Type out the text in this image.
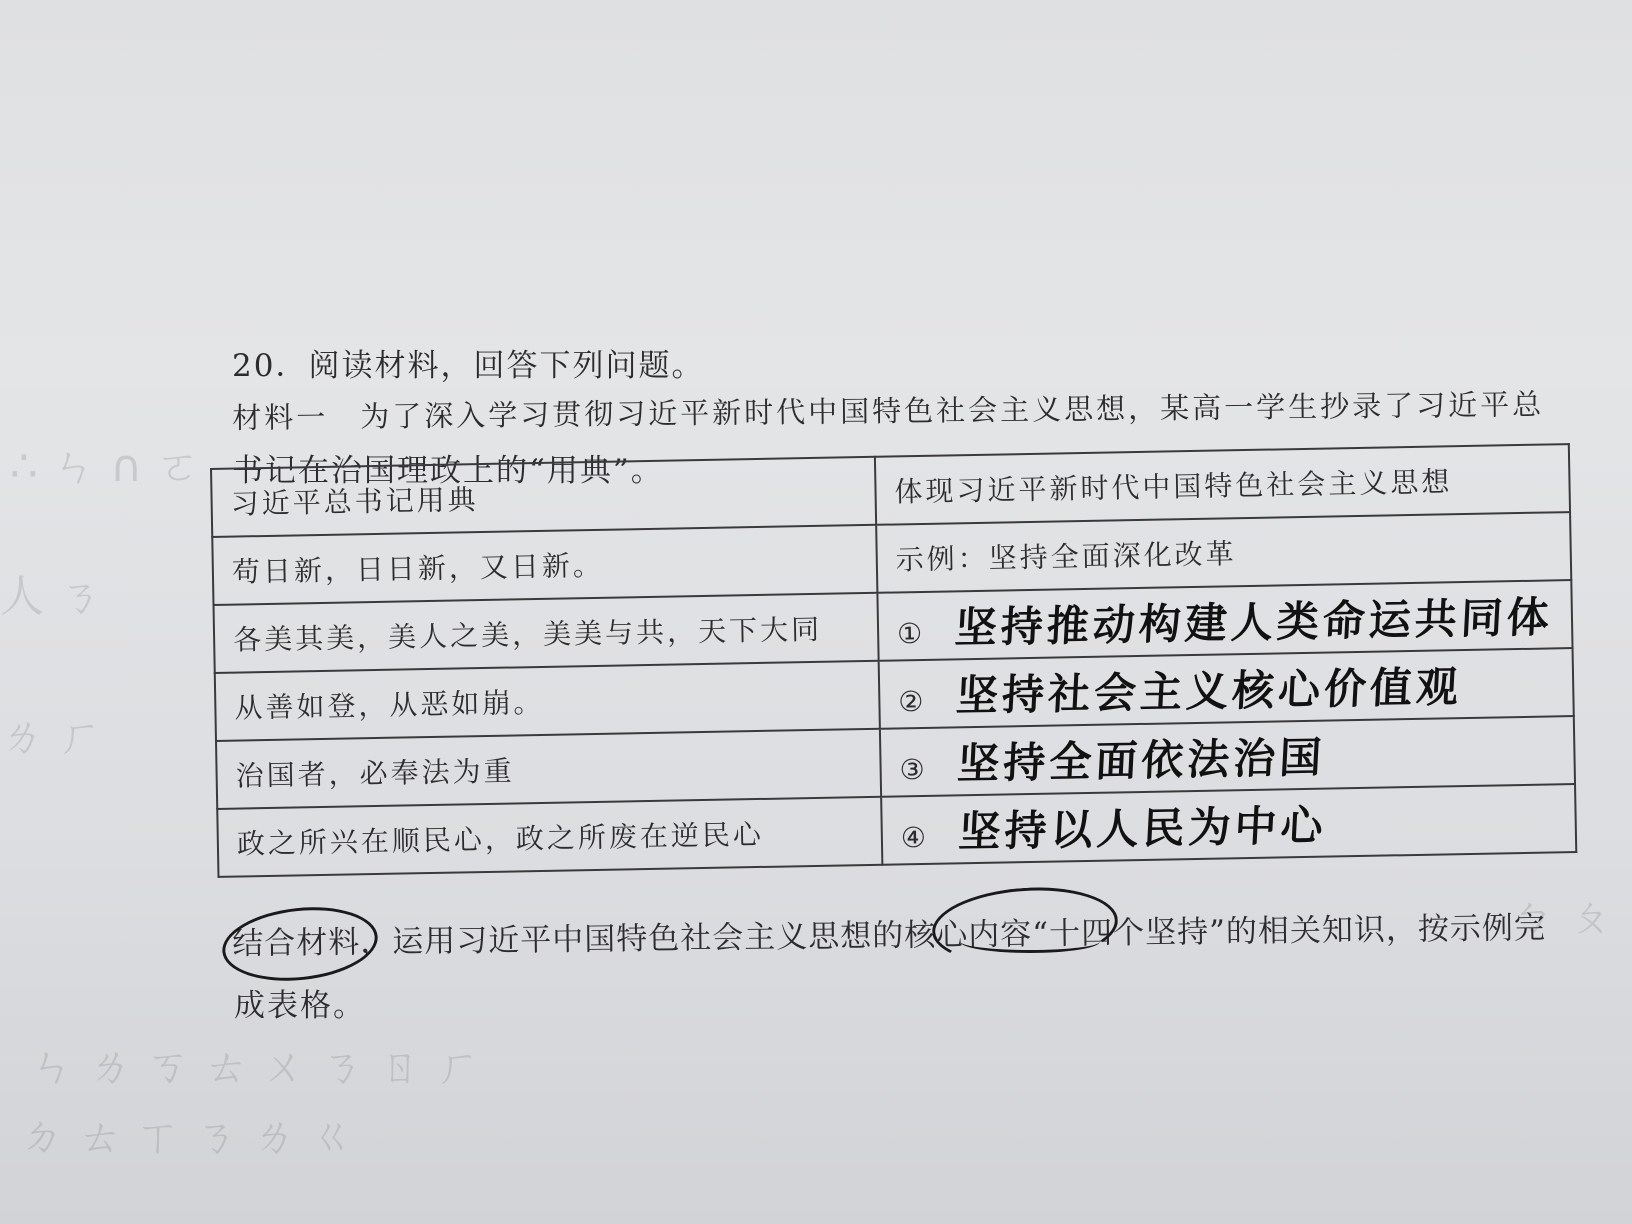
∴ ㄣ ∩ ㄛ
人 ㄋ
ㄌ ㄏ
ㄣ ㄌ ㄎ ㄊ ㄨ ㄋ ㄖ ㄏ
ㄉ ㄊ ㄒ ㄋ ㄌ ㄍ
ㄅ ㄆ
20．阅读材料，回答下列问题。
材料一　为了深入学习贯彻习近平新时代中国特色社会主义思想，某高一学生抄录了习近平总
书记在治国理政上的“用典”。
习近平总书记用典	体现习近平新时代中国特色社会主义思想
苟日新，日日新，又日新。	示例：坚持全面深化改革
各美其美，美人之美，美美与共，天下大同	① 坚持推动构建人类命运共同体
从善如登，从恶如崩。	② 坚持社会主义核心价值观
治国者，必奉法为重	③ 坚持全面依法治国
政之所兴在顺民心，政之所废在逆民心	④ 坚持以人民为中心
结合材料，运用习近平中国特色社会主义思想的核心内容“十四个坚持”的相关知识，按示例完
成表格。
